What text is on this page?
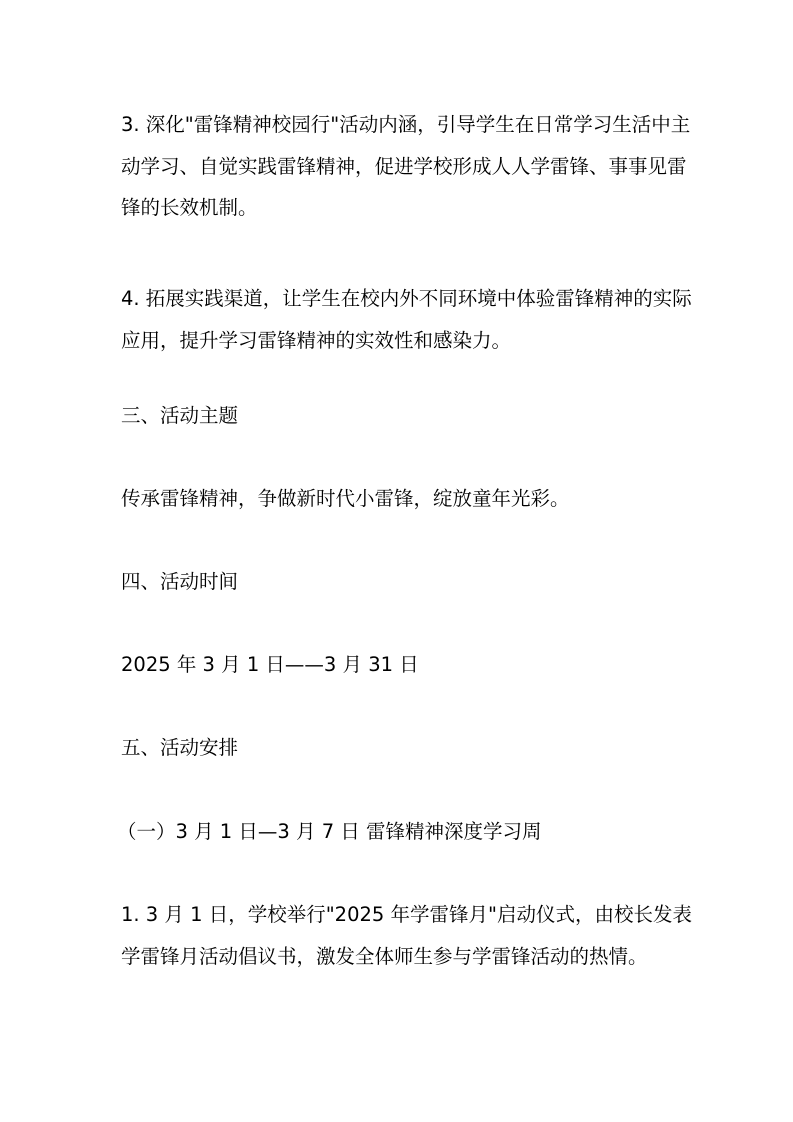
3. 深化"雷锋精神校园行"活动内涵，引导学生在日常学习生活中主动学习、自觉实践雷锋精神，促进学校形成人人学雷锋、事事见雷锋的长效机制。

4. 拓展实践渠道，让学生在校内外不同环境中体验雷锋精神的实际应用，提升学习雷锋精神的实效性和感染力。

三、活动主题

传承雷锋精神，争做新时代小雷锋，绽放童年光彩。

四、活动时间

2025 年 3 月 1 日——3 月 31 日

五、活动安排

（一）3 月 1 日—3 月 7 日 雷锋精神深度学习周

1. 3 月 1 日，学校举行"2025 年学雷锋月"启动仪式，由校长发表学雷锋月活动倡议书，激发全体师生参与学雷锋活动的热情。
